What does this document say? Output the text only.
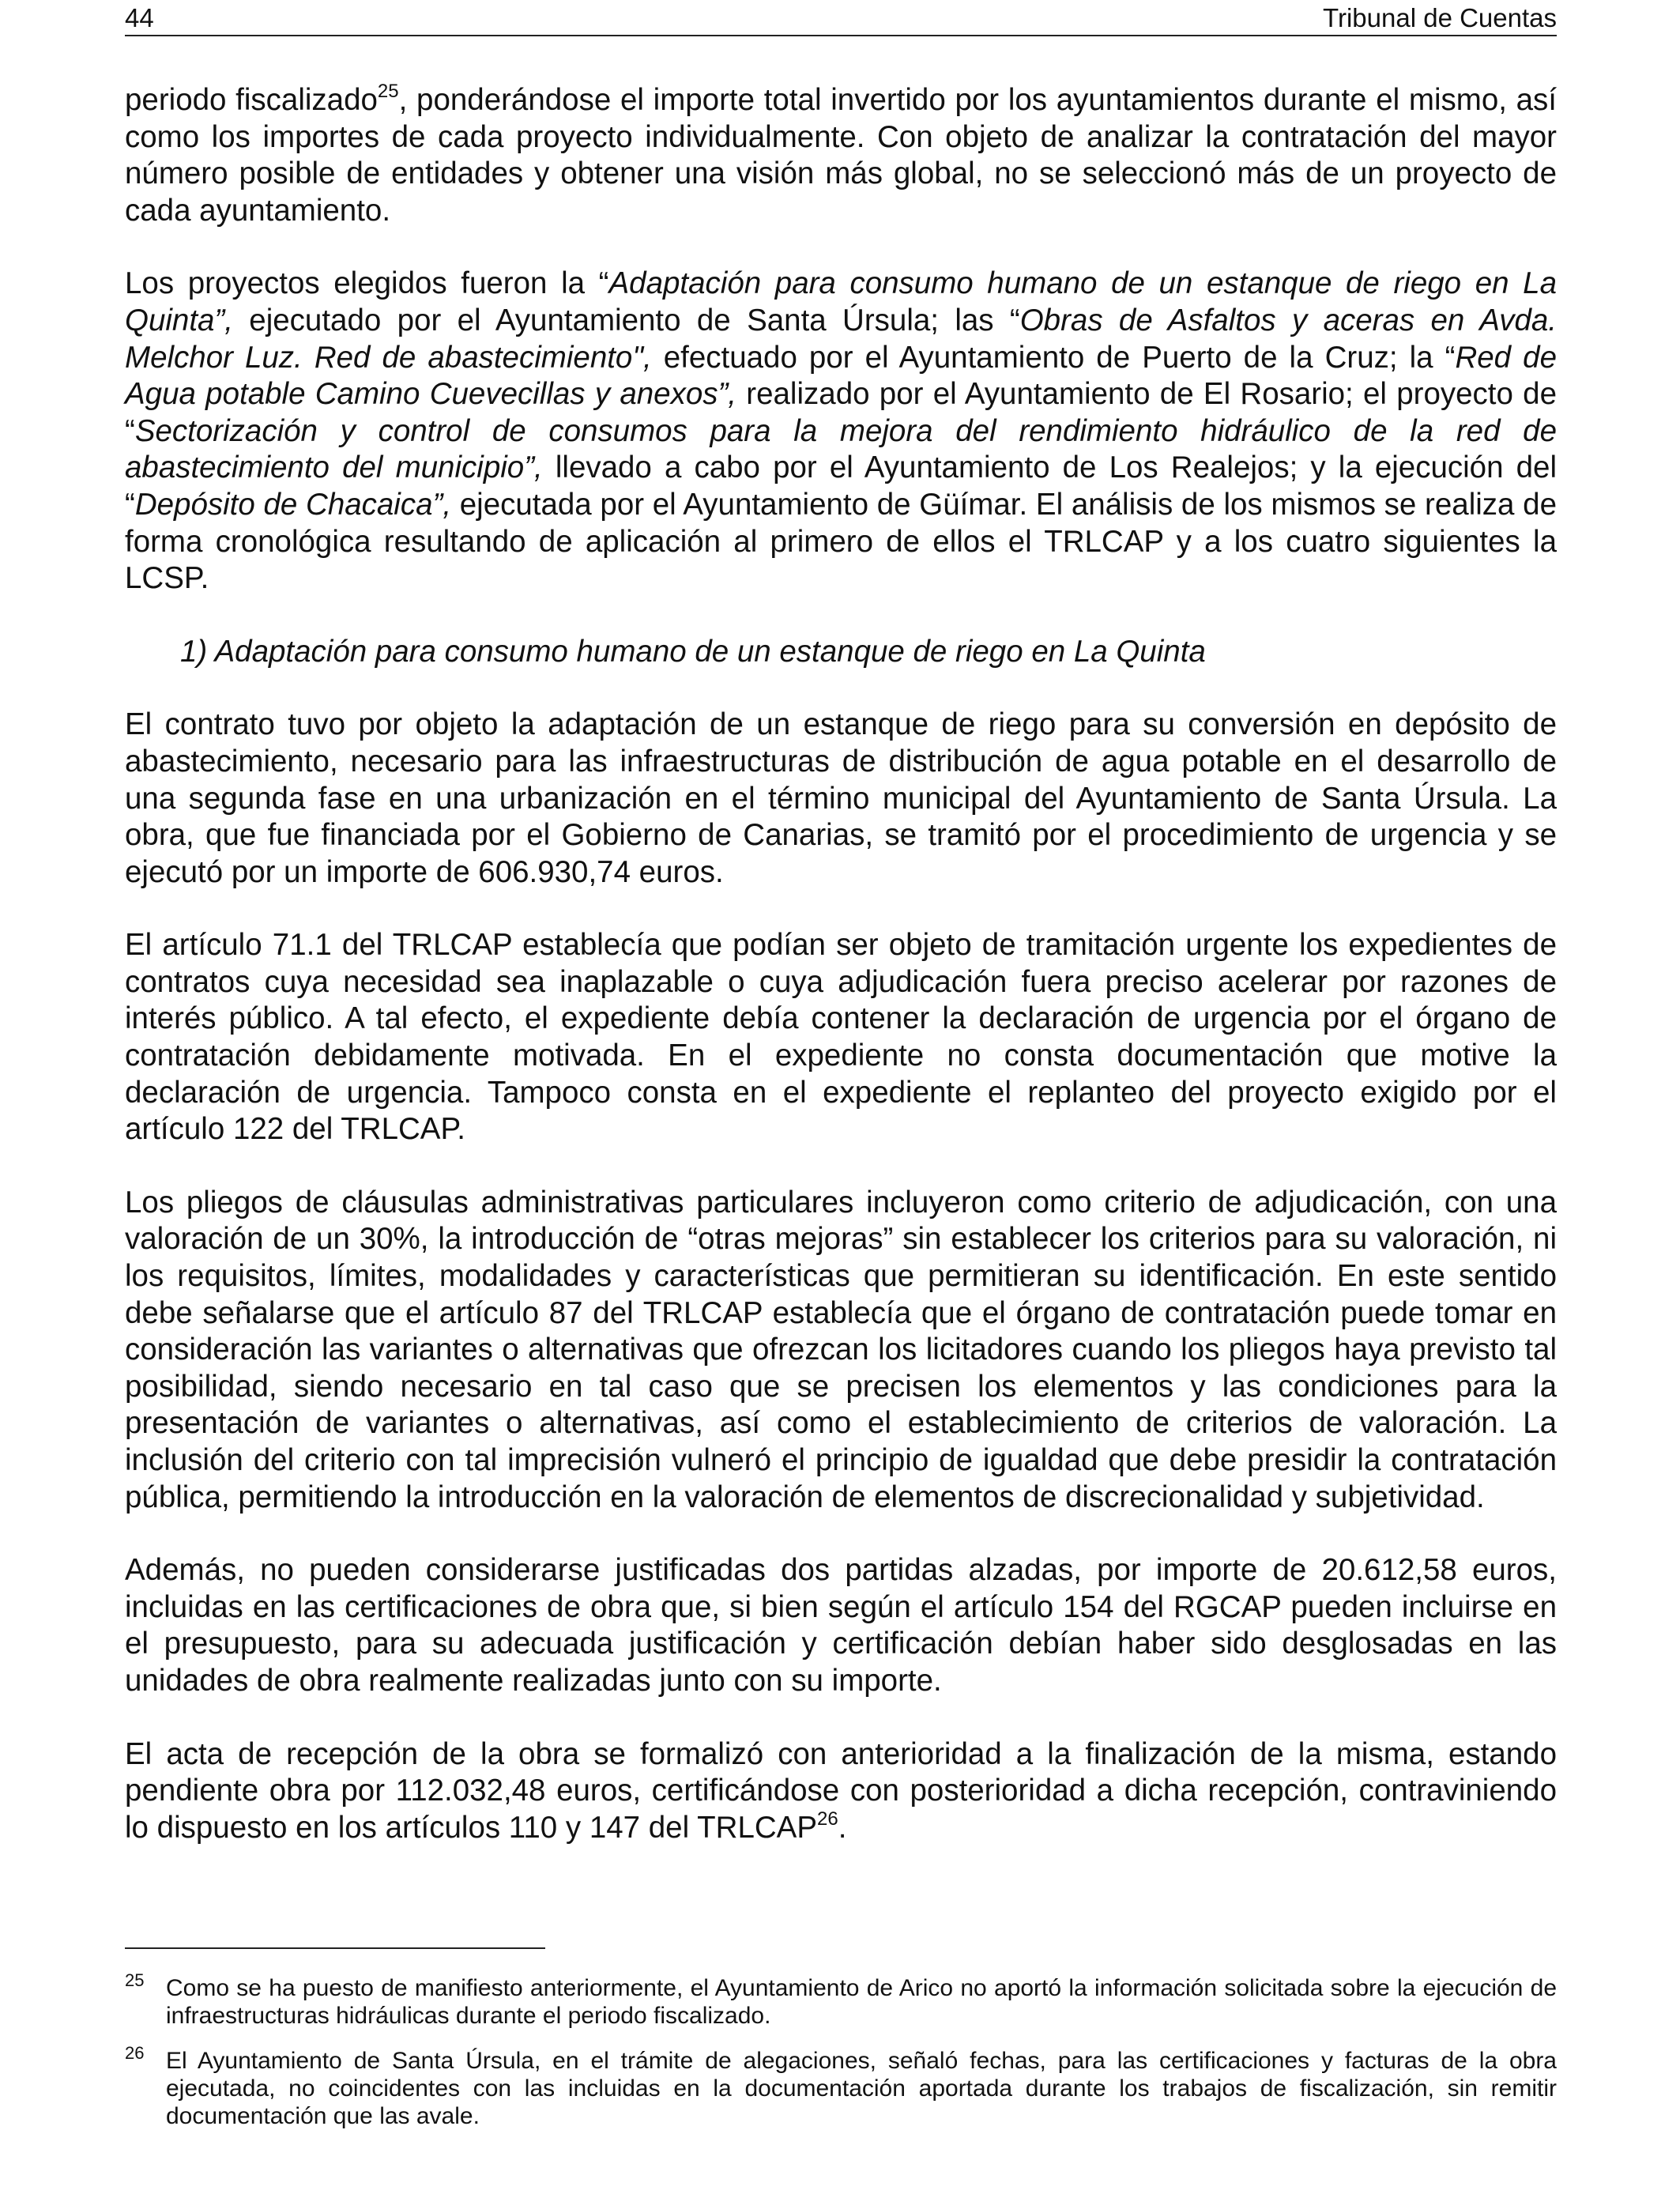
44	Tribunal de Cuentas

periodo fiscalizado$^{25}$, ponderándose el importe total invertido por los ayuntamientos durante el mismo, así como los importes de cada proyecto individualmente. Con objeto de analizar la contratación del mayor número posible de entidades y obtener una visión más global, no se seleccionó más de un proyecto de cada ayuntamiento.

Los proyectos elegidos fueron la “Adaptación para consumo humano de un estanque de riego en La Quinta”, ejecutado por el Ayuntamiento de Santa Úrsula; las “Obras de Asfaltos y aceras en Avda. Melchor Luz. Red de abastecimiento", efectuado por el Ayuntamiento de Puerto de la Cruz; la “Red de Agua potable Camino Cuevecillas y anexos”, realizado por el Ayuntamiento de El Rosario; el proyecto de “Sectorización y control de consumos para la mejora del rendimiento hidráulico de la red de abastecimiento del municipio”, llevado a cabo por el Ayuntamiento de Los Realejos; y la ejecución del “Depósito de Chacaica”, ejecutada por el Ayuntamiento de Güímar. El análisis de los mismos se realiza de forma cronológica resultando de aplicación al primero de ellos el TRLCAP y a los cuatro siguientes la LCSP.

1) Adaptación para consumo humano de un estanque de riego en La Quinta

El contrato tuvo por objeto la adaptación de un estanque de riego para su conversión en depósito de abastecimiento, necesario para las infraestructuras de distribución de agua potable en el desarrollo de una segunda fase en una urbanización en el término municipal del Ayuntamiento de Santa Úrsula. La obra, que fue financiada por el Gobierno de Canarias, se tramitó por el procedimiento de urgencia y se ejecutó por un importe de 606.930,74 euros.

El artículo 71.1 del TRLCAP establecía que podían ser objeto de tramitación urgente los expedientes de contratos cuya necesidad sea inaplazable o cuya adjudicación fuera preciso acelerar por razones de interés público. A tal efecto, el expediente debía contener la declaración de urgencia por el órgano de contratación debidamente motivada. En el expediente no consta documentación que motive la declaración de urgencia. Tampoco consta en el expediente el replanteo del proyecto exigido por el artículo 122 del TRLCAP.

Los pliegos de cláusulas administrativas particulares incluyeron como criterio de adjudicación, con una valoración de un 30%, la introducción de “otras mejoras” sin establecer los criterios para su valoración, ni los requisitos, límites, modalidades y características que permitieran su identificación. En este sentido debe señalarse que el artículo 87 del TRLCAP establecía que el órgano de contratación puede tomar en consideración las variantes o alternativas que ofrezcan los licitadores cuando los pliegos haya previsto tal posibilidad, siendo necesario en tal caso que se precisen los elementos y las condiciones para la presentación de variantes o alternativas, así como el establecimiento de criterios de valoración. La inclusión del criterio con tal imprecisión vulneró el principio de igualdad que debe presidir la contratación pública, permitiendo la introducción en la valoración de elementos de discrecionalidad y subjetividad.

Además, no pueden considerarse justificadas dos partidas alzadas, por importe de 20.612,58 euros, incluidas en las certificaciones de obra que, si bien según el artículo 154 del RGCAP pueden incluirse en el presupuesto, para su adecuada justificación y certificación debían haber sido desglosadas en las unidades de obra realmente realizadas junto con su importe.

El acta de recepción de la obra se formalizó con anterioridad a la finalización de la misma, estando pendiente obra por 112.032,48 euros, certificándose con posterioridad a dicha recepción, contraviniendo lo dispuesto en los artículos 110 y 147 del TRLCAP$^{26}$.

25 Como se ha puesto de manifiesto anteriormente, el Ayuntamiento de Arico no aportó la información solicitada sobre la ejecución de infraestructuras hidráulicas durante el periodo fiscalizado.
26 El Ayuntamiento de Santa Úrsula, en el trámite de alegaciones, señaló fechas, para las certificaciones y facturas de la obra ejecutada, no coincidentes con las incluidas en la documentación aportada durante los trabajos de fiscalización, sin remitir documentación que las avale.
